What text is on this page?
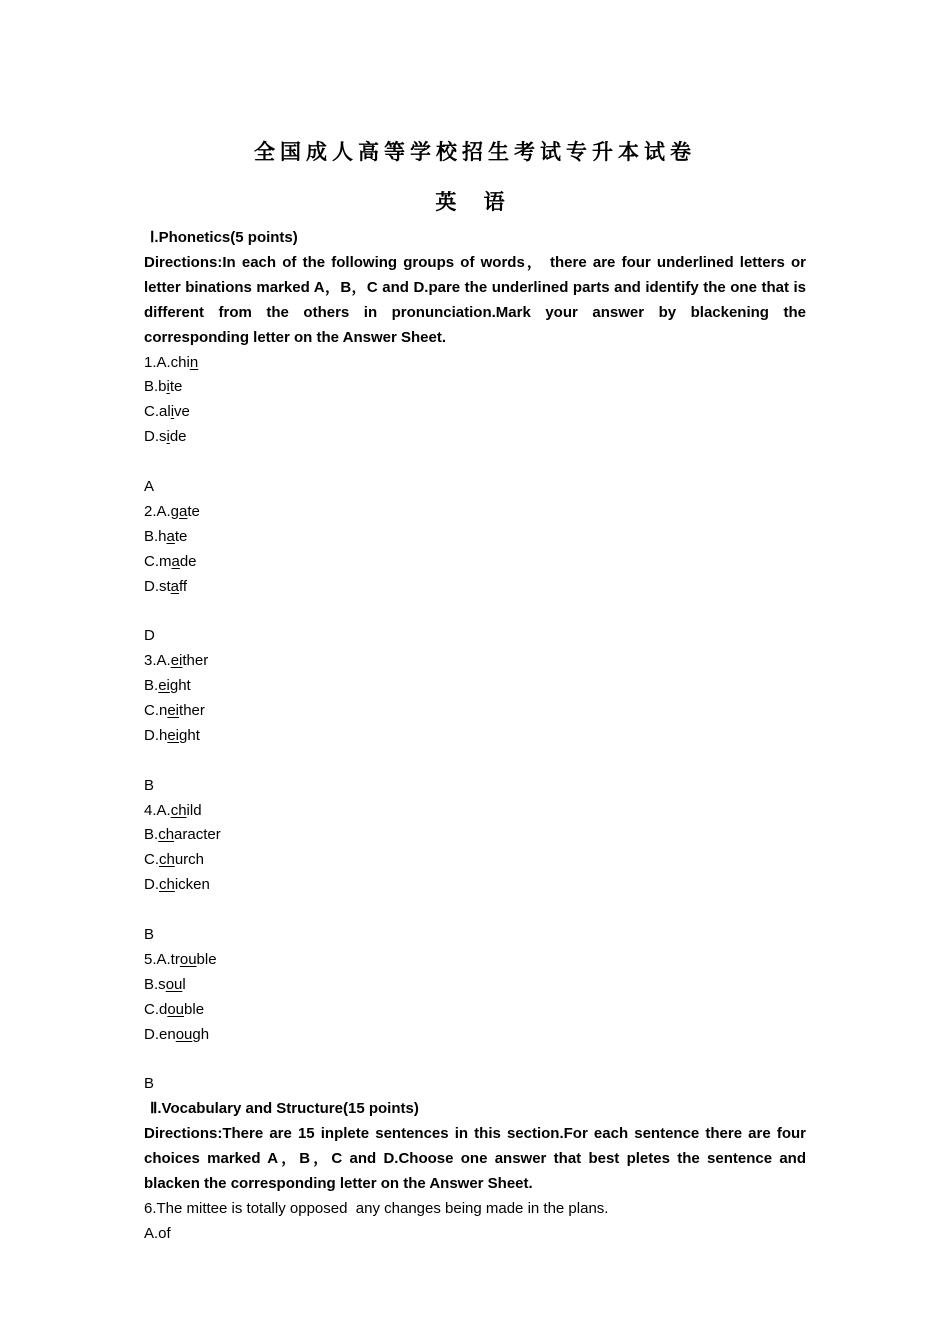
全国成人高等学校招生考试专升本试卷
英 语
Ⅰ.Phonetics(5 points)
Directions:In each of the following groups of words， there are four underlined letters or letter binations marked A，B，C and D.pare the underlined parts and identify the one that is different from the others in pronunciation.Mark your answer by blackening the corresponding letter on the Answer Sheet.
1.A.chin
B.bite
C.alive
D.side
A
2.A.gate
B.hate
C.made
D.staff
D
3.A.either
B.eight
C.neither
D.height
B
4.A.child
B.character
C.church
D.chicken
B
5.A.trouble
B.soul
C.double
D.enough
B
Ⅱ.Vocabulary and Structure(15 points)
Directions:There are 15 inplete sentences in this section.For each sentence there are four choices marked A，B，C and D.Choose one answer that best pletes the sentence and blacken the corresponding letter on the Answer Sheet.
6.The mittee is totally opposed  any changes being made in the plans.
A.of
